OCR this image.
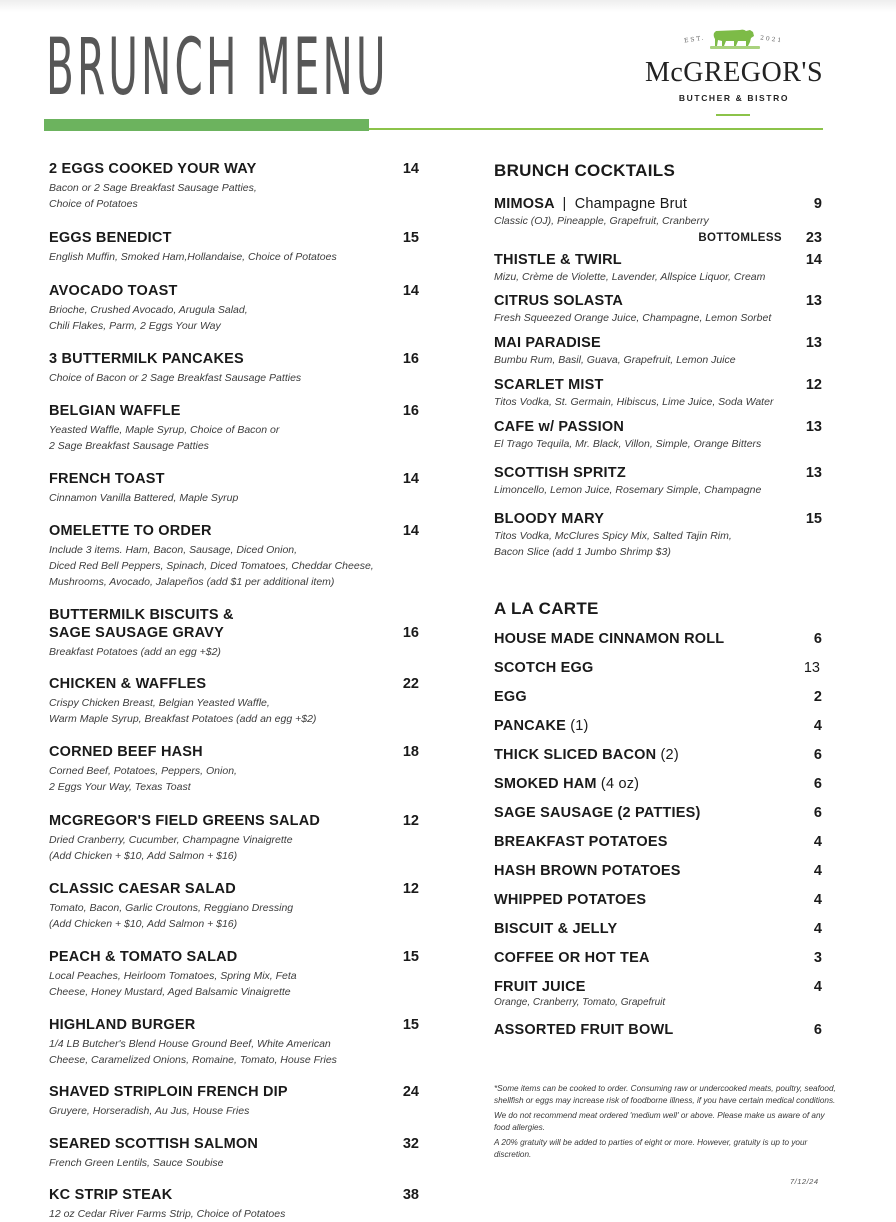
BRUNCH MENU	EST.	2021
McGREGOR'S
BUTCHER & BISTRO
2 EGGS COOKED YOUR WAY	14
Bacon or 2 Sage Breakfast Sausage Patties,
Choice of Potatoes
EGGS BENEDICT	15
English Muffin, Smoked Ham,Hollandaise, Choice of Potatoes
AVOCADO TOAST	14
Brioche, Crushed Avocado, Arugula Salad,
Chili Flakes, Parm, 2 Eggs Your Way
3 BUTTERMILK PANCAKES	16
Choice of Bacon or 2 Sage Breakfast Sausage Patties
BELGIAN WAFFLE	16
Yeasted Waffle, Maple Syrup, Choice of Bacon or
2 Sage Breakfast Sausage Patties
FRENCH TOAST	14
Cinnamon Vanilla Battered, Maple Syrup
OMELETTE TO ORDER	14
Include 3 items. Ham, Bacon, Sausage, Diced Onion,
Diced Red Bell Peppers, Spinach, Diced Tomatoes, Cheddar Cheese,
Mushrooms, Avocado, Jalapeños (add $1 per additional item)
BUTTERMILK BISCUITS &
SAGE SAUSAGE GRAVY	16
Breakfast Potatoes (add an egg +$2)
CHICKEN & WAFFLES	22
Crispy Chicken Breast, Belgian Yeasted Waffle,
Warm Maple Syrup, Breakfast Potatoes (add an egg +$2)
CORNED BEEF HASH	18
Corned Beef, Potatoes, Peppers, Onion,
2 Eggs Your Way, Texas Toast
MCGREGOR'S FIELD GREENS SALAD	12
Dried Cranberry, Cucumber, Champagne Vinaigrette
(Add Chicken + $10, Add Salmon + $16)
CLASSIC CAESAR SALAD	12
Tomato, Bacon, Garlic Croutons, Reggiano Dressing
(Add Chicken + $10, Add Salmon + $16)
PEACH & TOMATO SALAD	15
Local Peaches, Heirloom Tomatoes, Spring Mix, Feta
Cheese, Honey Mustard, Aged Balsamic Vinaigrette
HIGHLAND BURGER	15
1/4 LB Butcher's Blend House Ground Beef, White American
Cheese, Caramelized Onions, Romaine, Tomato, House Fries
SHAVED STRIPLOIN FRENCH DIP	24
Gruyere, Horseradish, Au Jus, House Fries
SEARED SCOTTISH SALMON	32
French Green Lentils, Sauce Soubise
KC STRIP STEAK	38
12 oz Cedar River Farms Strip, Choice of Potatoes
BRUNCH COCKTAILS
MIMOSA | Champagne Brut	9
Classic (OJ), Pineapple, Grapefruit, Cranberry
BOTTOMLESS 23
THISTLE & TWIRL	14
Mizu, Crème de Violette, Lavender, Allspice Liquor, Cream
CITRUS SOLASTA	13
Fresh Squeezed Orange Juice, Champagne, Lemon Sorbet
MAI PARADISE	13
Bumbu Rum, Basil, Guava, Grapefruit, Lemon Juice
SCARLET MIST	12
Titos Vodka, St. Germain, Hibiscus, Lime Juice, Soda Water
CAFE w/ PASSION	13
El Trago Tequila, Mr. Black, Villon, Simple, Orange Bitters
SCOTTISH SPRITZ	13
Limoncello, Lemon Juice, Rosemary Simple, Champagne
BLOODY MARY	15
Titos Vodka, McClures Spicy Mix, Salted Tajin Rim,
Bacon Slice (add 1 Jumbo Shrimp $3)
A LA CARTE
HOUSE MADE CINNAMON ROLL	6
SCOTCH EGG	13
EGG	2
PANCAKE (1)	4
THICK SLICED BACON (2)	6
SMOKED HAM (4 oz)	6
SAGE SAUSAGE (2 PATTIES)	6
BREAKFAST POTATOES	4
HASH BROWN POTATOES	4
WHIPPED POTATOES	4
BISCUIT & JELLY	4
COFFEE OR HOT TEA	3
FRUIT JUICE	4
Orange, Cranberry, Tomato, Grapefruit
ASSORTED FRUIT BOWL	6

*Some items can be cooked to order. Consuming raw or undercooked meats, poultry, seafood, shellfish or eggs may increase risk of foodborne illness, if you have certain medical conditions.

We do not recommend meat ordered 'medium well' or above. Please make us aware of any food allergies.

A 20% gratuity will be added to parties of eight or more. However, gratuity is up to your discretion.

7/12/24
